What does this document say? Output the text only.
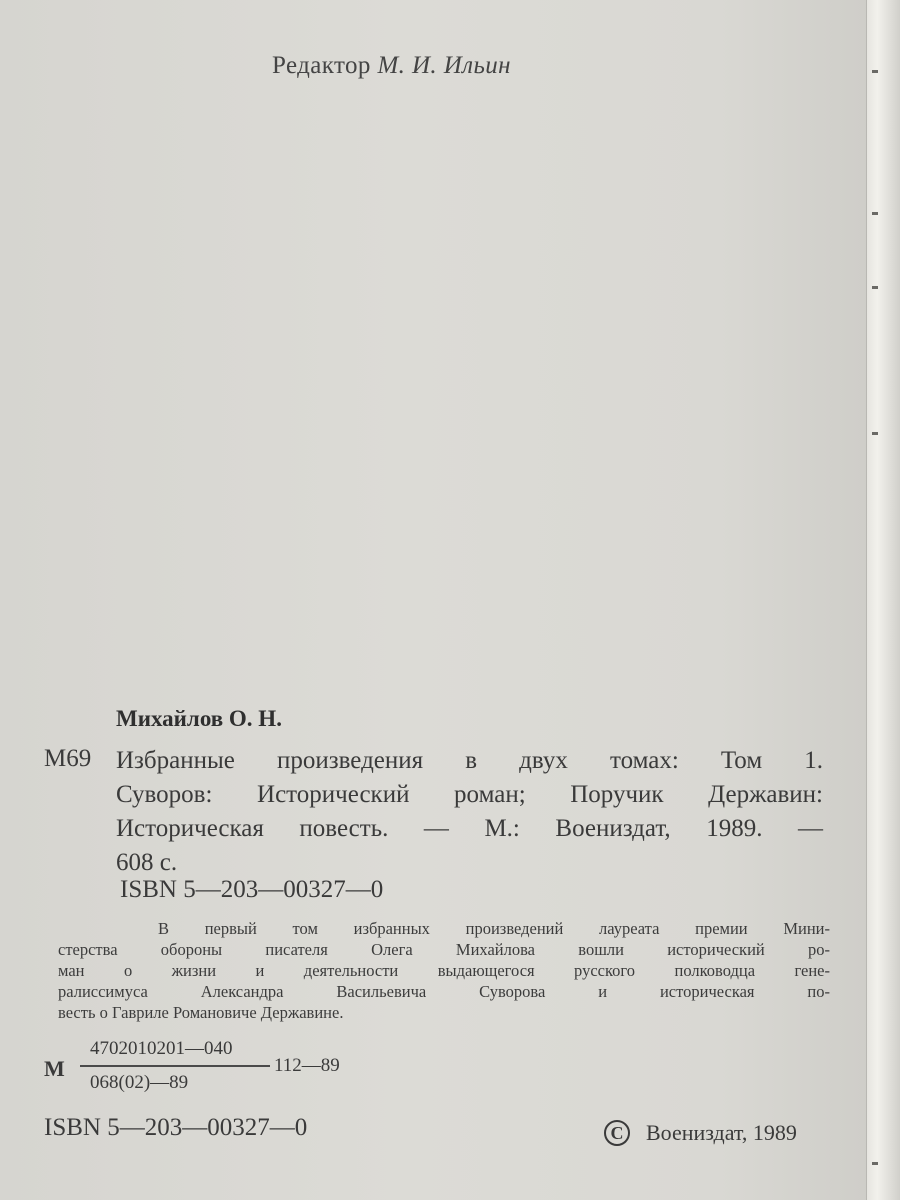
Редактор М. И. Ильин
Михайлов О. Н.
М69 Избранные произведения в двух томах: Том 1.
Суворов: Исторический роман; Поручик Державин:
Историческая повесть. — М.: Воениздат, 1989. —
608 с.
ISBN 5—203—00327—0
В первый том избранных произведений лауреата премии Мини-
стерства обороны писателя Олега Михайлова вошли исторический ро-
ман о жизни и деятельности выдающегося русского полководца гене-
ралиссимуса Александра Васильевича Суворова и историческая по-
весть о Гавриле Романовиче Державине.
М
4702010201—040
068(02)—89
112—89
ISBN 5—203—00327—0	C Воениздат, 1989
